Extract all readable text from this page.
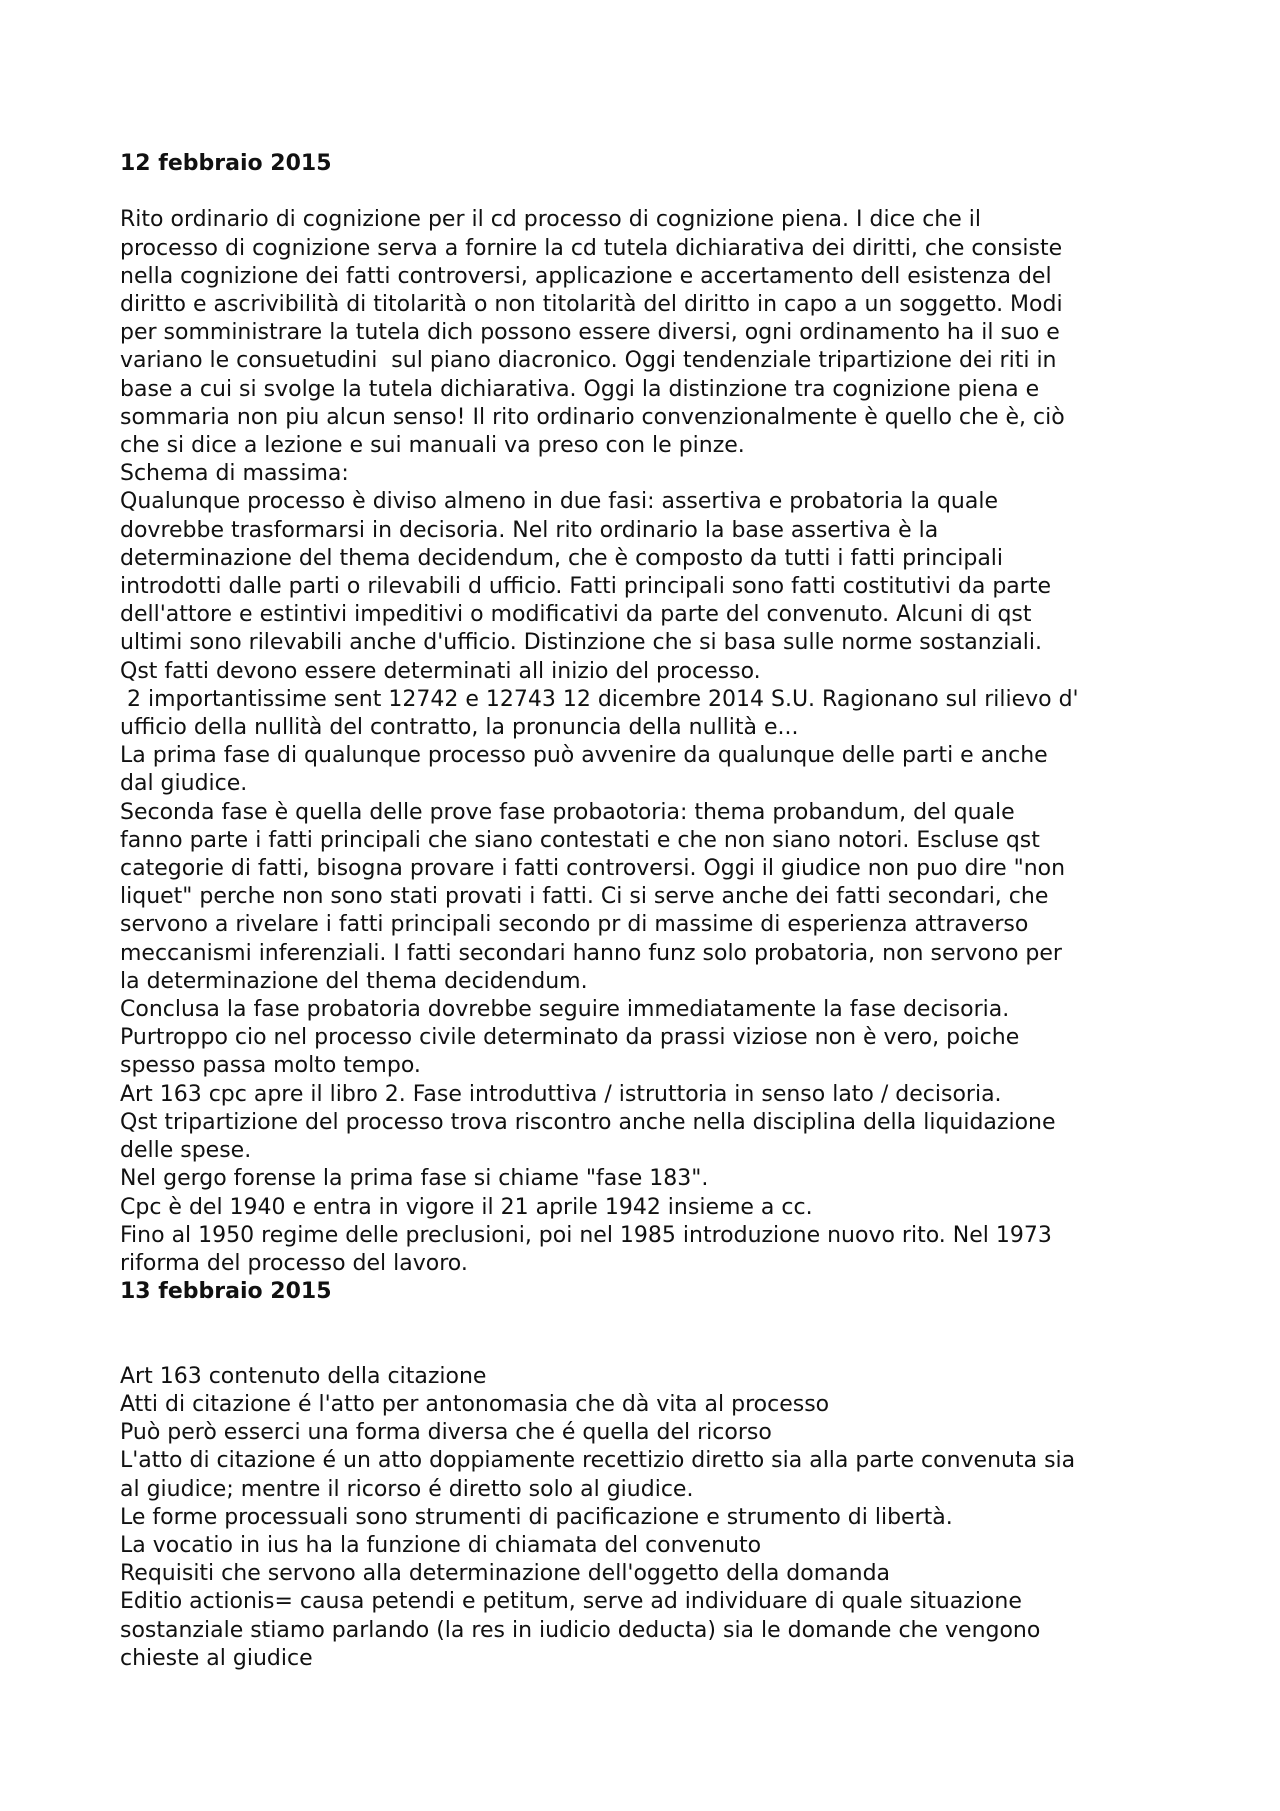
12 febbraio 2015
Rito ordinario di cognizione per il cd processo di cognizione piena. I dice che il
processo di cognizione serva a fornire la cd tutela dichiarativa dei diritti, che consiste
nella cognizione dei fatti controversi, applicazione e accertamento dell esistenza del
diritto e ascrivibilità di titolarità o non titolarità del diritto in capo a un soggetto. Modi
per somministrare la tutela dich possono essere diversi, ogni ordinamento ha il suo e
variano le consuetudini  sul piano diacronico. Oggi tendenziale tripartizione dei riti in
base a cui si svolge la tutela dichiarativa. Oggi la distinzione tra cognizione piena e
sommaria non piu alcun senso! Il rito ordinario convenzionalmente è quello che è, ciò
che si dice a lezione e sui manuali va preso con le pinze.
Schema di massima:
Qualunque processo è diviso almeno in due fasi: assertiva e probatoria la quale
dovrebbe trasformarsi in decisoria. Nel rito ordinario la base assertiva è la
determinazione del thema decidendum, che è composto da tutti i fatti principali
introdotti dalle parti o rilevabili d ufficio. Fatti principali sono fatti costitutivi da parte
dell'attore e estintivi impeditivi o modificativi da parte del convenuto. Alcuni di qst
ultimi sono rilevabili anche d'ufficio. Distinzione che si basa sulle norme sostanziali.
Qst fatti devono essere determinati all inizio del processo.
2 importantissime sent 12742 e 12743 12 dicembre 2014 S.U. Ragionano sul rilievo d'
ufficio della nullità del contratto, la pronuncia della nullità e...
La prima fase di qualunque processo può avvenire da qualunque delle parti e anche
dal giudice.
Seconda fase è quella delle prove fase probaotoria: thema probandum, del quale
fanno parte i fatti principali che siano contestati e che non siano notori. Escluse qst
categorie di fatti, bisogna provare i fatti controversi. Oggi il giudice non puo dire "non
liquet" perche non sono stati provati i fatti. Ci si serve anche dei fatti secondari, che
servono a rivelare i fatti principali secondo pr di massime di esperienza attraverso
meccanismi inferenziali. I fatti secondari hanno funz solo probatoria, non servono per
la determinazione del thema decidendum.
Conclusa la fase probatoria dovrebbe seguire immediatamente la fase decisoria.
Purtroppo cio nel processo civile determinato da prassi viziose non è vero, poiche
spesso passa molto tempo.
Art 163 cpc apre il libro 2. Fase introduttiva / istruttoria in senso lato / decisoria.
Qst tripartizione del processo trova riscontro anche nella disciplina della liquidazione
delle spese.
Nel gergo forense la prima fase si chiame "fase 183".
Cpc è del 1940 e entra in vigore il 21 aprile 1942 insieme a cc.
Fino al 1950 regime delle preclusioni, poi nel 1985 introduzione nuovo rito. Nel 1973
riforma del processo del lavoro.
13 febbraio 2015
Art 163 contenuto della citazione
Atti di citazione é l'atto per antonomasia che dà vita al processo
Può però esserci una forma diversa che é quella del ricorso
L'atto di citazione é un atto doppiamente recettizio diretto sia alla parte convenuta sia
al giudice; mentre il ricorso é diretto solo al giudice.
Le forme processuali sono strumenti di pacificazione e strumento di libertà.
La vocatio in ius ha la funzione di chiamata del convenuto
Requisiti che servono alla determinazione dell'oggetto della domanda
Editio actionis= causa petendi e petitum, serve ad individuare di quale situazione
sostanziale stiamo parlando (la res in iudicio deducta) sia le domande che vengono
chieste al giudice
